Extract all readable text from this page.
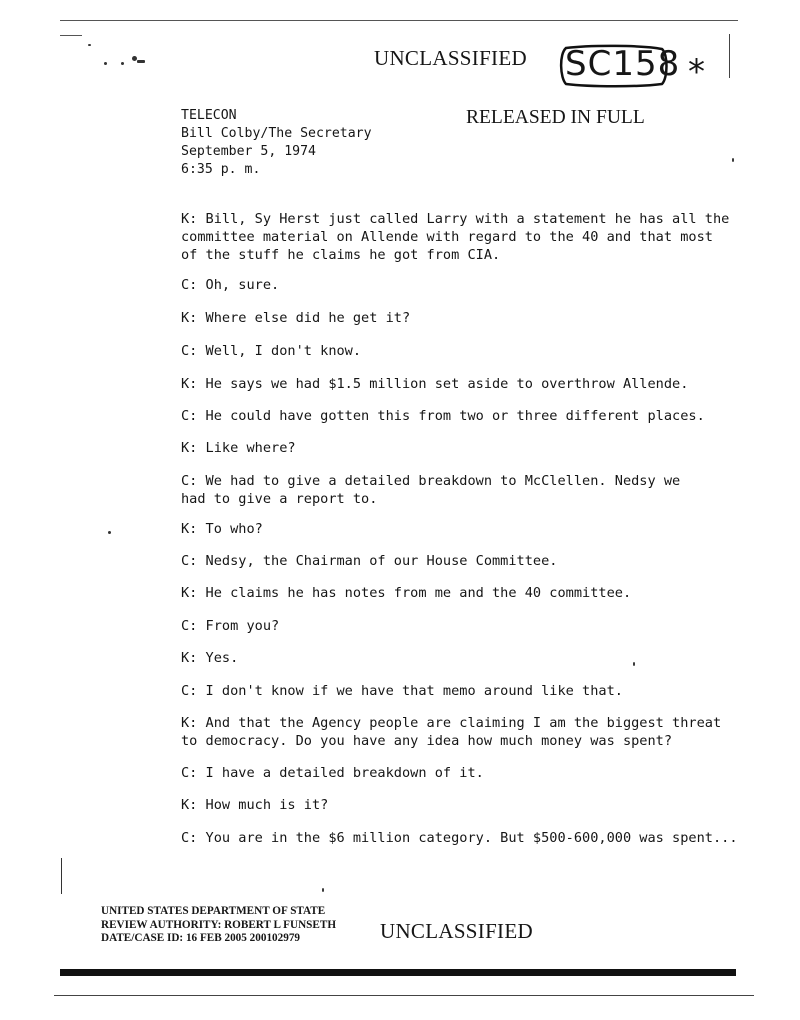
UNCLASSIFIED SC158 *
RELEASED IN FULL
TELECON
Bill Colby/The Secretary
September 5, 1974
6:35 p. m.
K: Bill, Sy Herst just called Larry with a statement he has all the
committee material on Allende with regard to the 40 and that most
of the stuff he claims he got from CIA.
C: Oh, sure.
K: Where else did he get it?
C: Well, I don't know.
K: He says we had $1.5 million set aside to overthrow Allende.
C: He could have gotten this from two or three different places.
K: Like where?
C: We had to give a detailed breakdown to McClellen. Nedsy we
had to give a report to.
K: To who?
C: Nedsy, the Chairman of our House Committee.
K: He claims he has notes from me and the 40 committee.
C: From you?
K: Yes.
C: I don't know if we have that memo around like that.
K: And that the Agency people are claiming I am the biggest threat
to democracy. Do you have any idea how much money was spent?
C: I have a detailed breakdown of it.
K: How much is it?
C: You are in the $6 million category. But $500-600,000 was spent...
UNITED STATES DEPARTMENT OF STATE
REVIEW AUTHORITY: ROBERT L FUNSETH
DATE/CASE ID: 16 FEB 2005 200102979	UNCLASSIFIED
